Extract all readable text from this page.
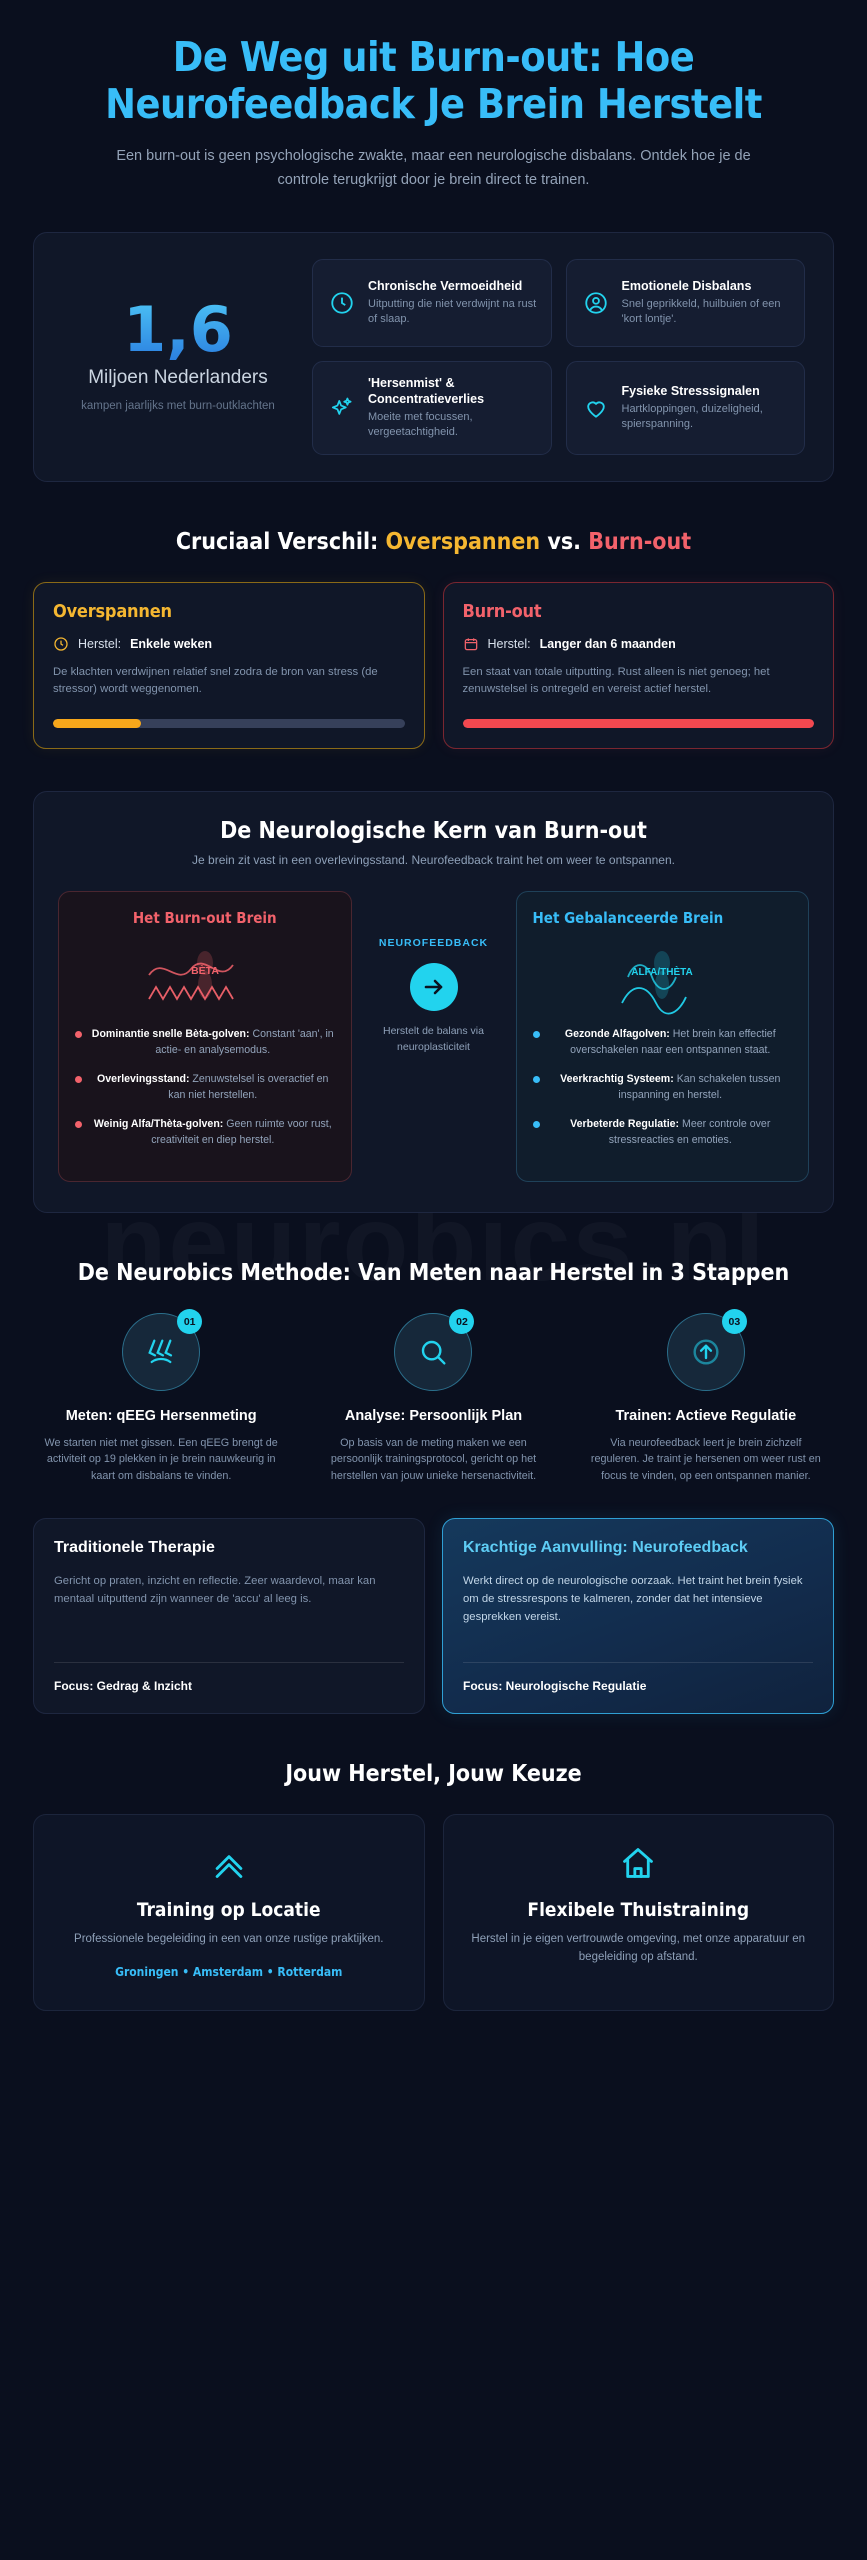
De Weg uit Burn-out: Hoe Neurofeedback Je Brein Herstelt

Een burn-out is geen psychologische zwakte, maar een neurologische disbalans. Ontdek hoe je de controle terugkrijgt door je brein direct te trainen.

1,6
Miljoen Nederlanders
kampen jaarlijks met burn-outklachten
Chronische Vermoeidheid

Uitputting die niet verdwijnt na rust of slaap.

Emotionele Disbalans

Snel geprikkeld, huilbuien of een 'kort lontje'.

'Hersenmist' & Concentratieverlies

Moeite met focussen, vergeetachtigheid.

Fysieke Stresssignalen

Hartkloppingen, duizeligheid, spierspanning.

Cruciaal Verschil: Overspannen vs. Burn-out
Overspannen
Herstel: Enkele weken

De klachten verdwijnen relatief snel zodra de bron van stress (de stressor) wordt weggenomen.

Burn-out
Herstel: Langer dan 6 maanden

Een staat van totale uitputting. Rust alleen is niet genoeg; het zenuwstelsel is ontregeld en vereist actief herstel.

De Neurologische Kern van Burn-out

Je brein zit vast in een overlevingsstand. Neurofeedback traint het om weer te ontspannen.

Het Burn-out Brein
BÈTA
Dominantie snelle Bèta-golven: Constant 'aan', in actie- en analysemodus.
Overlevingsstand: Zenuwstelsel is overactief en kan niet herstellen.
Weinig Alfa/Thèta-golven: Geen ruimte voor rust, creativiteit en diep herstel.
NEUROFEEDBACK
Herstelt de balans via neuroplasticiteit
Het Gebalanceerde Brein
ALFA/THÈTA
Gezonde Alfagolven: Het brein kan effectief overschakelen naar een ontspannen staat.
Veerkrachtig Systeem: Kan schakelen tussen inspanning en herstel.
Verbeterde Regulatie: Meer controle over stressreacties en emoties.
De Neurobics Methode: Van Meten naar Herstel in 3 Stappen
01
Meten: qEEG Hersenmeting

We starten niet met gissen. Een qEEG brengt de activiteit op 19 plekken in je brein nauwkeurig in kaart om disbalans te vinden.

02
Analyse: Persoonlijk Plan

Op basis van de meting maken we een persoonlijk trainingsprotocol, gericht op het herstellen van jouw unieke hersenactiviteit.

03
Trainen: Actieve Regulatie

Via neurofeedback leert je brein zichzelf reguleren. Je traint je hersenen om weer rust en focus te vinden, op een ontspannen manier.

Traditionele Therapie

Gericht op praten, inzicht en reflectie. Zeer waardevol, maar kan mentaal uitputtend zijn wanneer de 'accu' al leeg is.

Focus: Gedrag & Inzicht
Krachtige Aanvulling: Neurofeedback

Werkt direct op de neurologische oorzaak. Het traint het brein fysiek om de stressrespons te kalmeren, zonder dat het intensieve gesprekken vereist.

Focus: Neurologische Regulatie
Jouw Herstel, Jouw Keuze
Training op Locatie

Professionele begeleiding in een van onze rustige praktijken.

Groningen • Amsterdam • Rotterdam
Flexibele Thuistraining

Herstel in je eigen vertrouwde omgeving, met onze apparatuur en begeleiding op afstand.
